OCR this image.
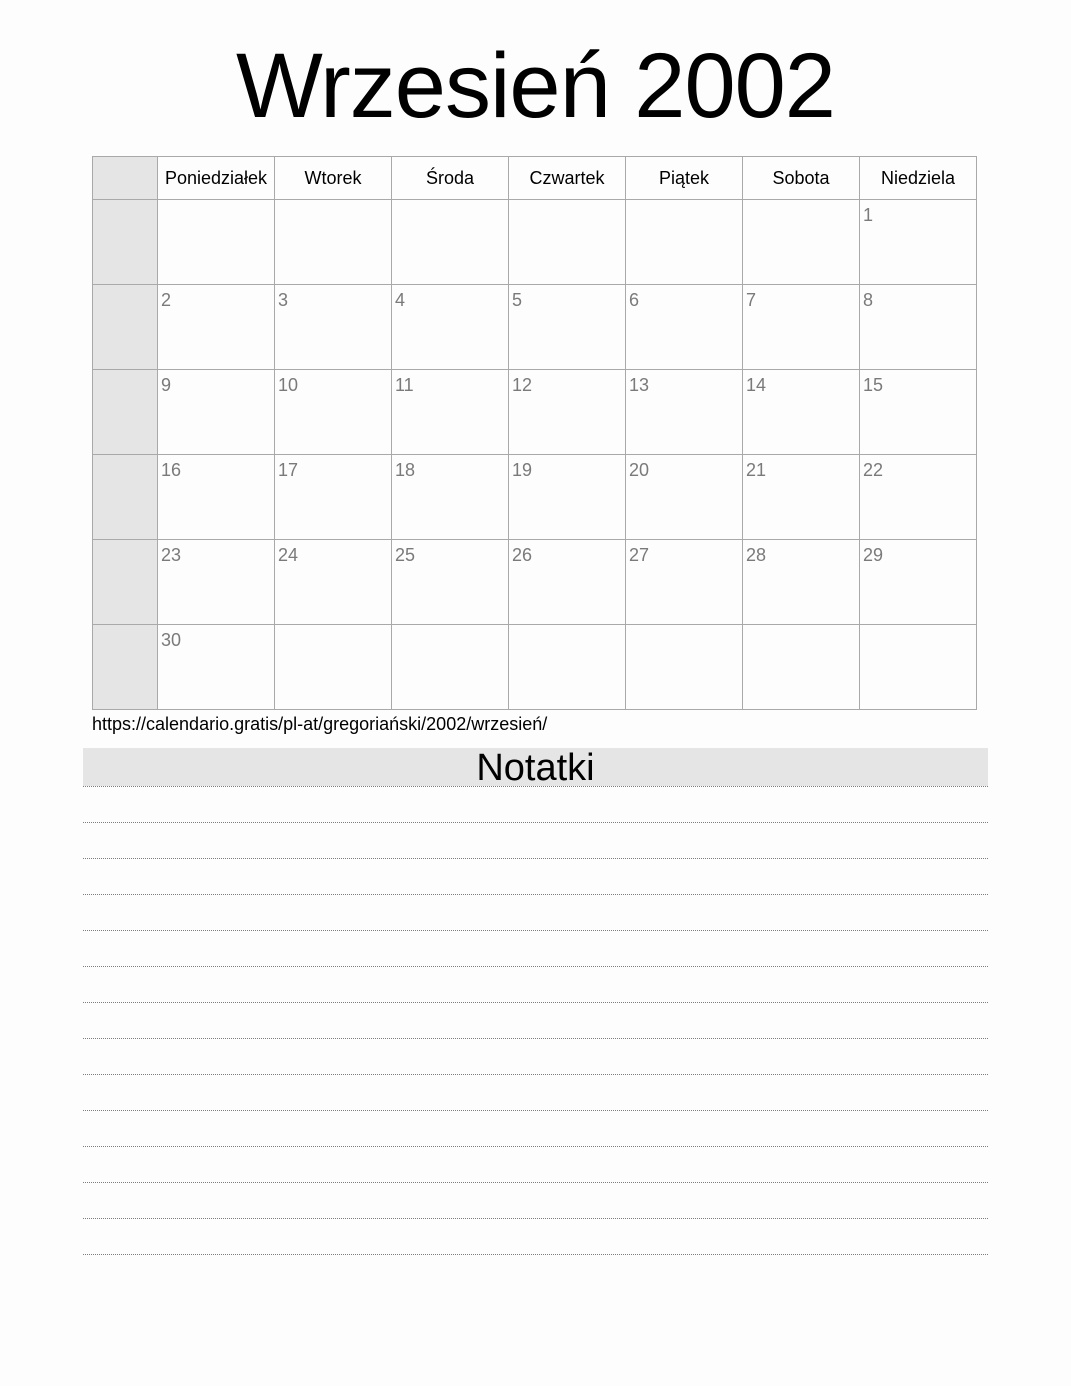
Wrzesień 2002
	Poniedziałek	Wtorek	Środa	Czwartek	Piątek	Sobota	Niedziela

							1

	2	3	4	5	6	7	8

	9	10	11	12	13	14	15

	16	17	18	19	20	21	22

	23	24	25	26	27	28	29

	30						

https://calendario.gratis/pl-at/gregoriański/2002/wrzesień/
Notatki
